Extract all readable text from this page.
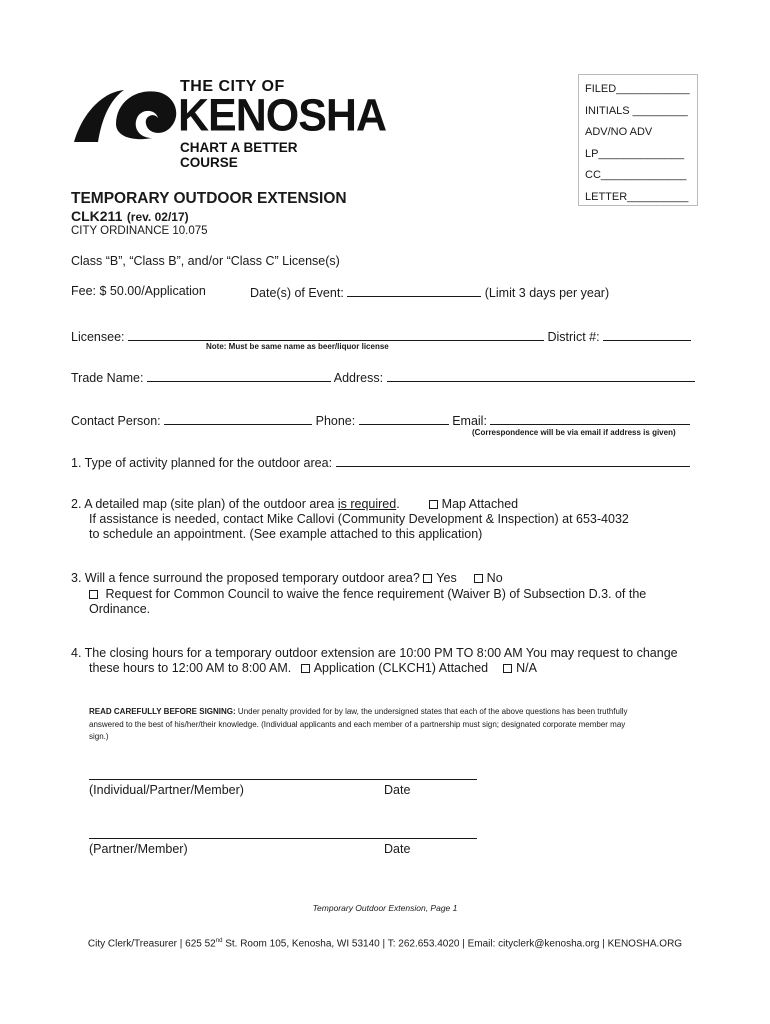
THE CITY OF
KENOSHA
CHART A BETTER COURSE
FILED____________
INITIALS _________
ADV/NO ADV
LP______________
CC______________
LETTER__________
TEMPORARY OUTDOOR EXTENSION
CLK211 (rev. 02/17)
CITY ORDINANCE 10.075
Class “B”, “Class B”, and/or “Class C” License(s)
Fee: $ 50.00/Application	Date(s) of Event:	(Limit 3 days per year)
Licensee:	District #:
Note: Must be same name as beer/liquor license
Trade Name:	Address:
Contact Person:	Phone:	Email:
(Correspondence will be via email if address is given)
1. Type of activity planned for the outdoor area:
2. A detailed map (site plan) of the outdoor area is required.	Map Attached
If assistance is needed, contact Mike Callovi (Community Development & Inspection) at 653-4032
to schedule an appointment. (See example attached to this application)
3. Will a fence surround the proposed temporary outdoor area? Yes No
Request for Common Council to waive the fence requirement (Waiver B) of Subsection D.3. of the
Ordinance.
4. The closing hours for a temporary outdoor extension are 10:00 PM TO 8:00 AM You may request to change
these hours to 12:00 AM to 8:00 AM. Application (CLKCH1) Attached N/A
READ CAREFULLY BEFORE SIGNING: Under penalty provided for by law, the undersigned states that each of the above questions has been truthfully
answered to the best of his/her/their knowledge. (Individual applicants and each member of a partnership must sign; designated corporate member may
sign.)
(Individual/Partner/Member)	Date
(Partner/Member)	Date
Temporary Outdoor Extension, Page 1
City Clerk/Treasurer | 625 52nd St. Room 105, Kenosha, WI 53140 | T: 262.653.4020 | Email: cityclerk@kenosha.org | KENOSHA.ORG
